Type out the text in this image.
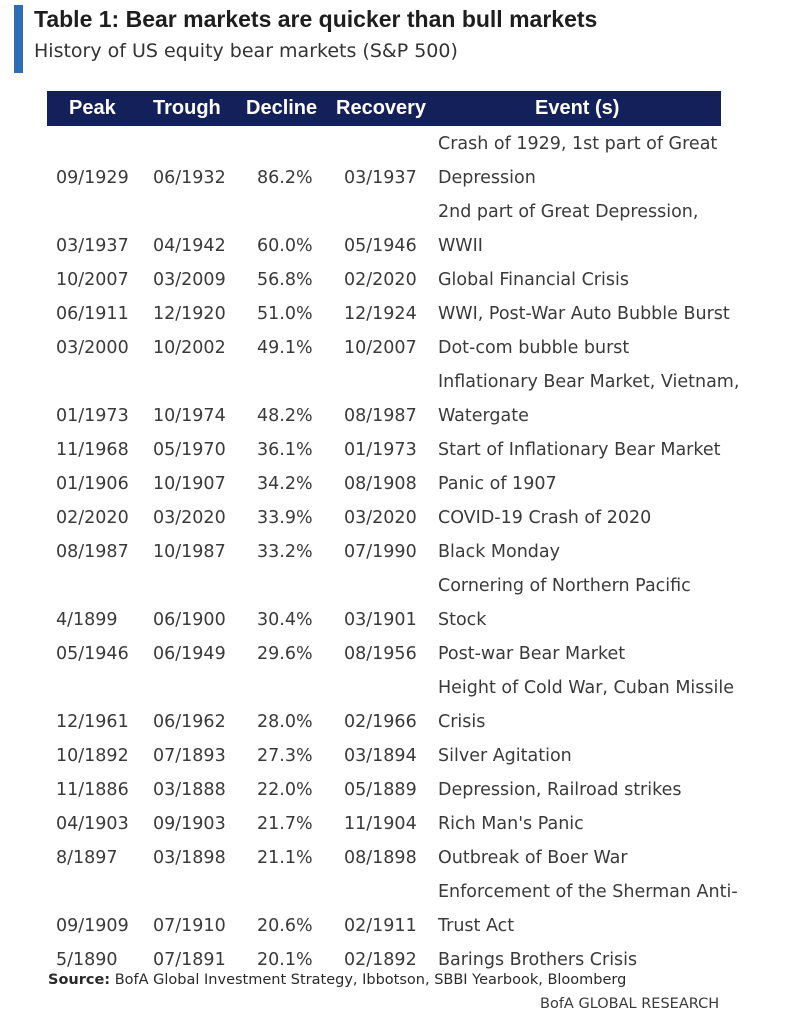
Table 1: Bear markets are quicker than bull markets
History of US equity bear markets (S&P 500)
Peak Trough Decline Recovery	Event (s)
09/1929 06/1932 86.2% 03/1937
Crash of 1929, 1st part of Great
Depression
03/1937 04/1942 60.0% 05/1946
2nd part of Great Depression,
WWII
10/2007 03/2009 56.8% 02/2020 Global Financial Crisis
06/1911 12/1920 51.0% 12/1924 WWI, Post-War Auto Bubble Burst
03/2000 10/2002 49.1% 10/2007 Dot-com bubble burst
01/1973 10/1974 48.2% 08/1987
Inflationary Bear Market, Vietnam,
Watergate
11/1968 05/1970 36.1% 01/1973 Start of Inflationary Bear Market
01/1906 10/1907 34.2% 08/1908 Panic of 1907
02/2020 03/2020 33.9% 03/2020 COVID-19 Crash of 2020
08/1987 10/1987 33.2% 07/1990 Black Monday
4/1899 06/1900 30.4% 03/1901
Cornering of Northern Pacific
Stock
05/1946 06/1949 29.6% 08/1956 Post-war Bear Market
12/1961 06/1962 28.0% 02/1966
Height of Cold War, Cuban Missile
Crisis
10/1892 07/1893 27.3% 03/1894 Silver Agitation
11/1886 03/1888 22.0% 05/1889 Depression, Railroad strikes
04/1903 09/1903 21.7% 11/1904 Rich Man's Panic
8/1897 03/1898 21.1% 08/1898 Outbreak of Boer War
09/1909 07/1910 20.6% 02/1911
Enforcement of the Sherman Anti-
Trust Act
5/1890 07/1891 20.1% 02/1892 Barings Brothers Crisis
Source: BofA Global Investment Strategy, Ibbotson, SBBI Yearbook, Bloomberg
BofA GLOBAL RESEARCH
